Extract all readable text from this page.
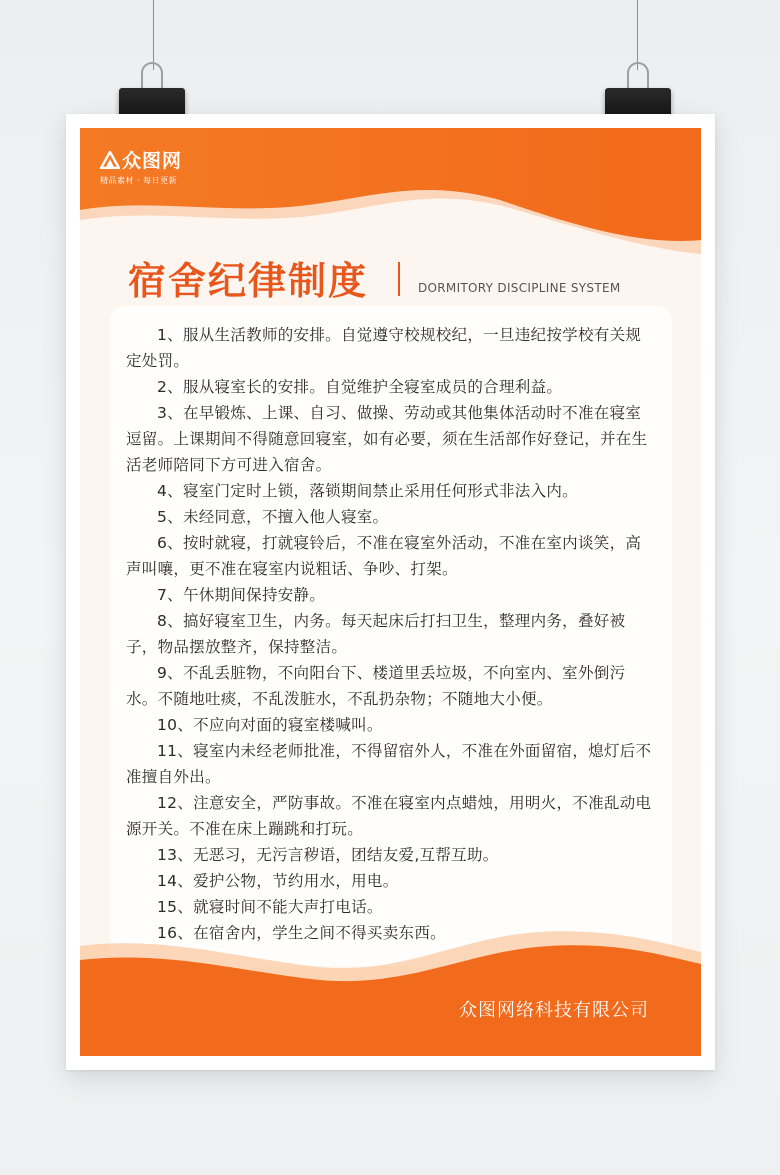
众图网
精品素材 · 每日更新
宿舍纪律制度	DORMITORY DISCIPLINE SYSTEM
1、服从生活教师的安排。自觉遵守校规校纪，一旦违纪按学校有关规定处罚。
2、服从寝室长的安排。自觉维护全寝室成员的合理利益。
3、在早锻炼、上课、自习、做操、劳动或其他集体活动时不准在寝室逗留。上课期间不得随意回寝室，如有必要，须在生活部作好登记，并在生活老师陪同下方可进入宿舍。
4、寝室门定时上锁，落锁期间禁止采用任何形式非法入内。
5、未经同意，不擅入他人寝室。
6、按时就寝，打就寝铃后，不准在寝室外活动，不准在室内谈笑，高声叫嚷，更不准在寝室内说粗话、争吵、打架。
7、午休期间保持安静。
8、搞好寝室卫生，内务。每天起床后打扫卫生，整理内务，叠好被子，物品摆放整齐，保持整洁。
9、不乱丢脏物，不向阳台下、楼道里丢垃圾，不向室内、室外倒污水。不随地吐痰，不乱泼脏水，不乱扔杂物；不随地大小便。
10、不应向对面的寝室楼喊叫。
11、寝室内未经老师批准，不得留宿外人，不准在外面留宿，熄灯后不准擅自外出。
12、注意安全，严防事故。不准在寝室内点蜡烛，用明火，不准乱动电源开关。不准在床上蹦跳和打玩。
13、无恶习，无污言秽语，团结友爱,互帮互助。
14、爱护公物，节约用水，用电。
15、就寝时间不能大声打电话。
16、在宿舍内，学生之间不得买卖东西。
众图网络科技有限公司
